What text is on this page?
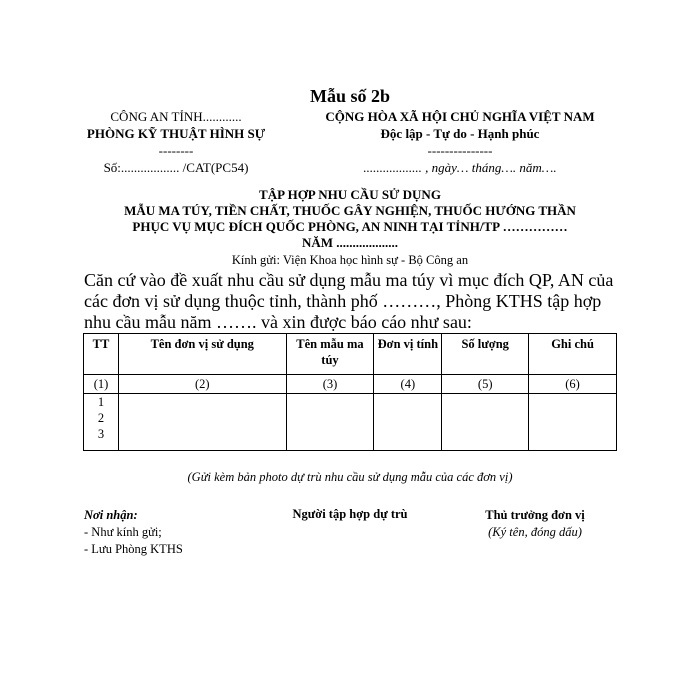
Mẫu số 2b
CÔNG AN TỈNH............
PHÒNG KỸ THUẬT HÌNH SỰ
--------
Số:.................. /CAT(PC54)
CỘNG HÒA XÃ HỘI CHỦ NGHĨA VIỆT NAM
Độc lập - Tự do - Hạnh phúc
---------------
.................. , ngày… tháng…. năm….
TẬP HỢP NHU CẦU SỬ DỤNG
MẪU MA TÚY, TIỀN CHẤT, THUỐC GÂY NGHIỆN, THUỐC HƯỚNG THẦN
PHỤC VỤ MỤC ĐÍCH QUỐC PHÒNG, AN NINH TẠI TỈNH/TP ……………
NĂM ...................
Kính gửi: Viện Khoa học hình sự - Bộ Công an
Căn cứ vào đề xuất nhu cầu sử dụng mẫu ma túy vì mục đích QP, AN của các đơn vị sử dụng thuộc tỉnh, thành phố ………, Phòng KTHS tập hợp nhu cầu mẫu năm ……. và xin được báo cáo như sau:
TT	Tên đơn vị sử dụng	Tên mẫu ma túy	Đơn vị tính	Số lượng	Ghi chú
(1)	(2)	(3)	(4)	(5)	(6)

1
2
3					

(Gửi kèm bản photo dự trù nhu cầu sử dụng mẫu của các đơn vị)
Nơi nhận:
- Như kính gửi;
- Lưu Phòng KTHS
Người tập hợp dự trù	Thủ trưởng đơn vị
(Ký tên, đóng dấu)
